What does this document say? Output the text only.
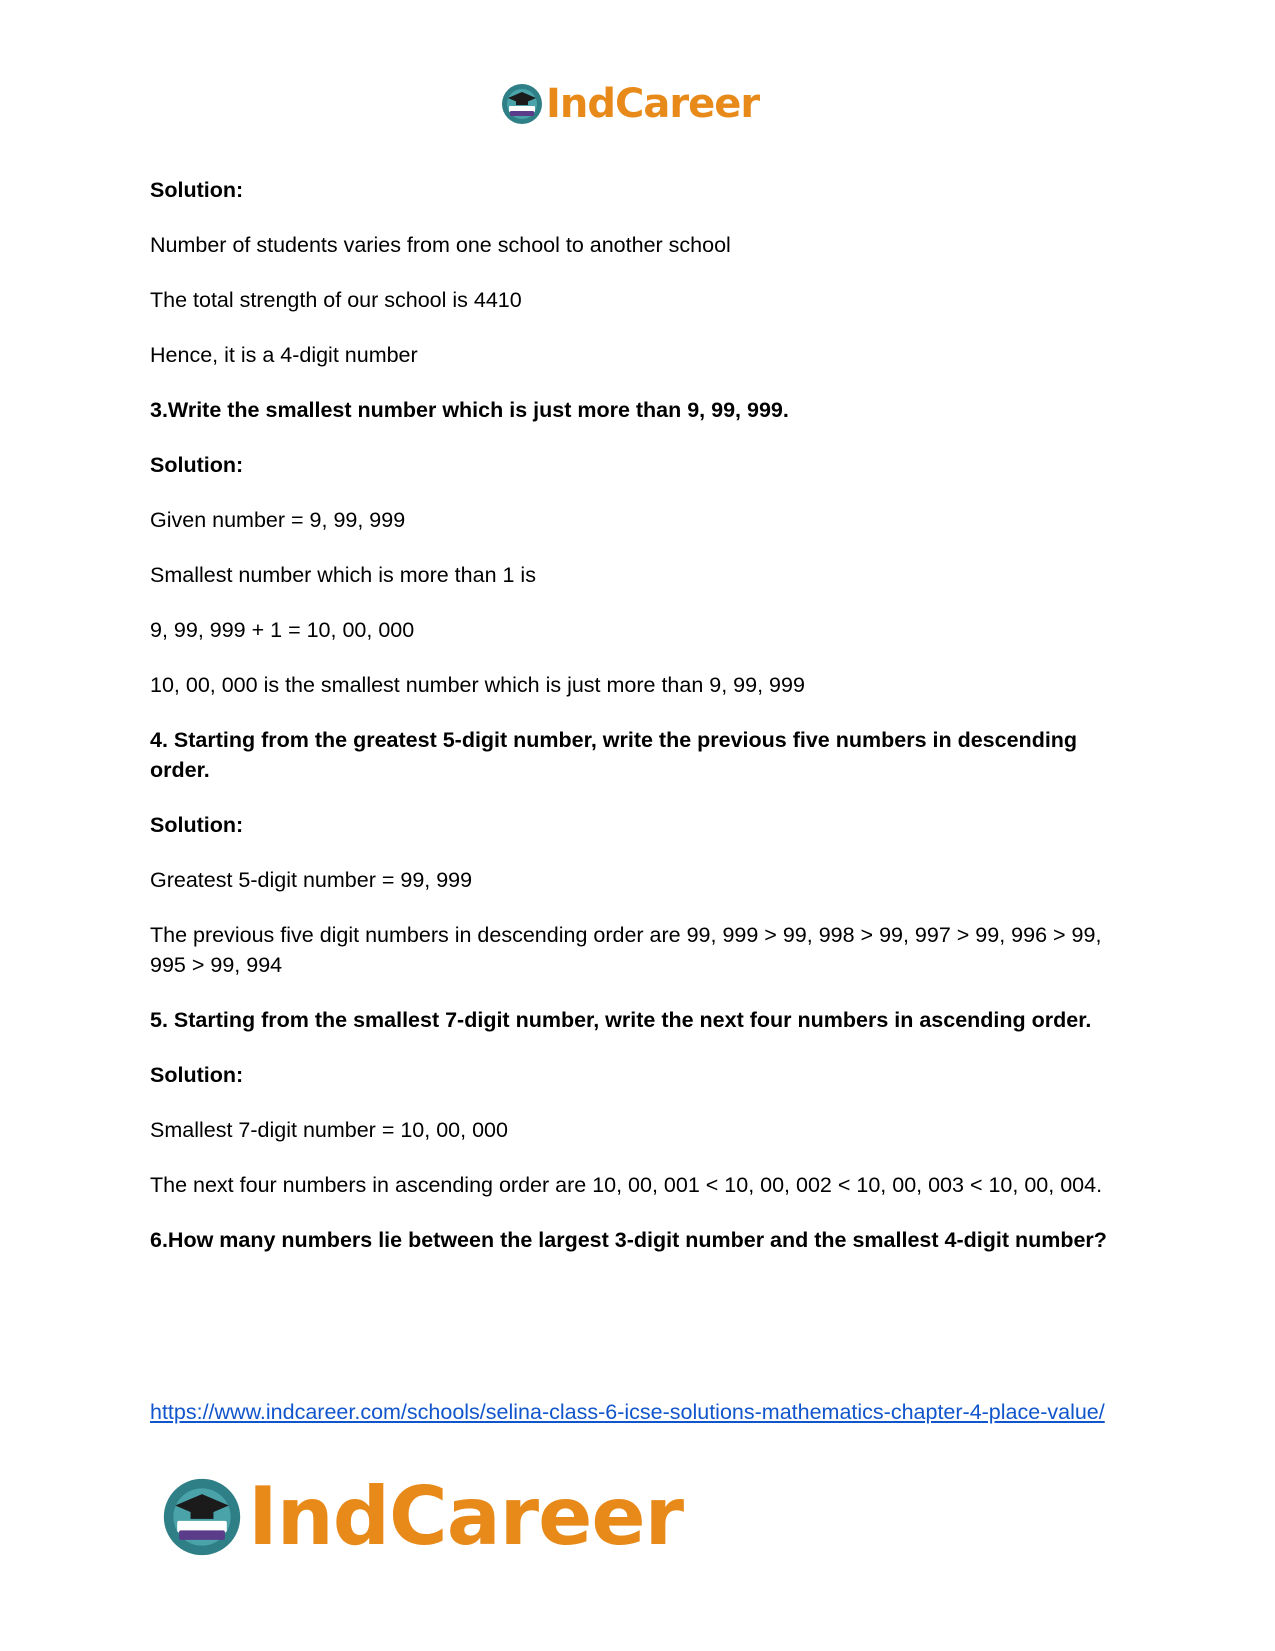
IndCareer

Solution:

Number of students varies from one school to another school

The total strength of our school is 4410

Hence, it is a 4-digit number

3.Write the smallest number which is just more than 9, 99, 999.

Solution:

Given number = 9, 99, 999

Smallest number which is more than 1 is

9, 99, 999 + 1 = 10, 00, 000

10, 00, 000 is the smallest number which is just more than 9, 99, 999

4. Starting from the greatest 5-digit number, write the previous five numbers in descending order.

Solution:

Greatest 5-digit number = 99, 999

The previous five digit numbers in descending order are 99, 999 > 99, 998 > 99, 997 > 99, 996 > 99, 995 > 99, 994

5. Starting from the smallest 7-digit number, write the next four numbers in ascending order.

Solution:

Smallest 7-digit number = 10, 00, 000

The next four numbers in ascending order are 10, 00, 001 < 10, 00, 002 < 10, 00, 003 < 10, 00, 004.

6.How many numbers lie between the largest 3-digit number and the smallest 4-digit number?

https://www.indcareer.com/schools/selina-class-6-icse-solutions-mathematics-chapter-4-place-value/
IndCareer
